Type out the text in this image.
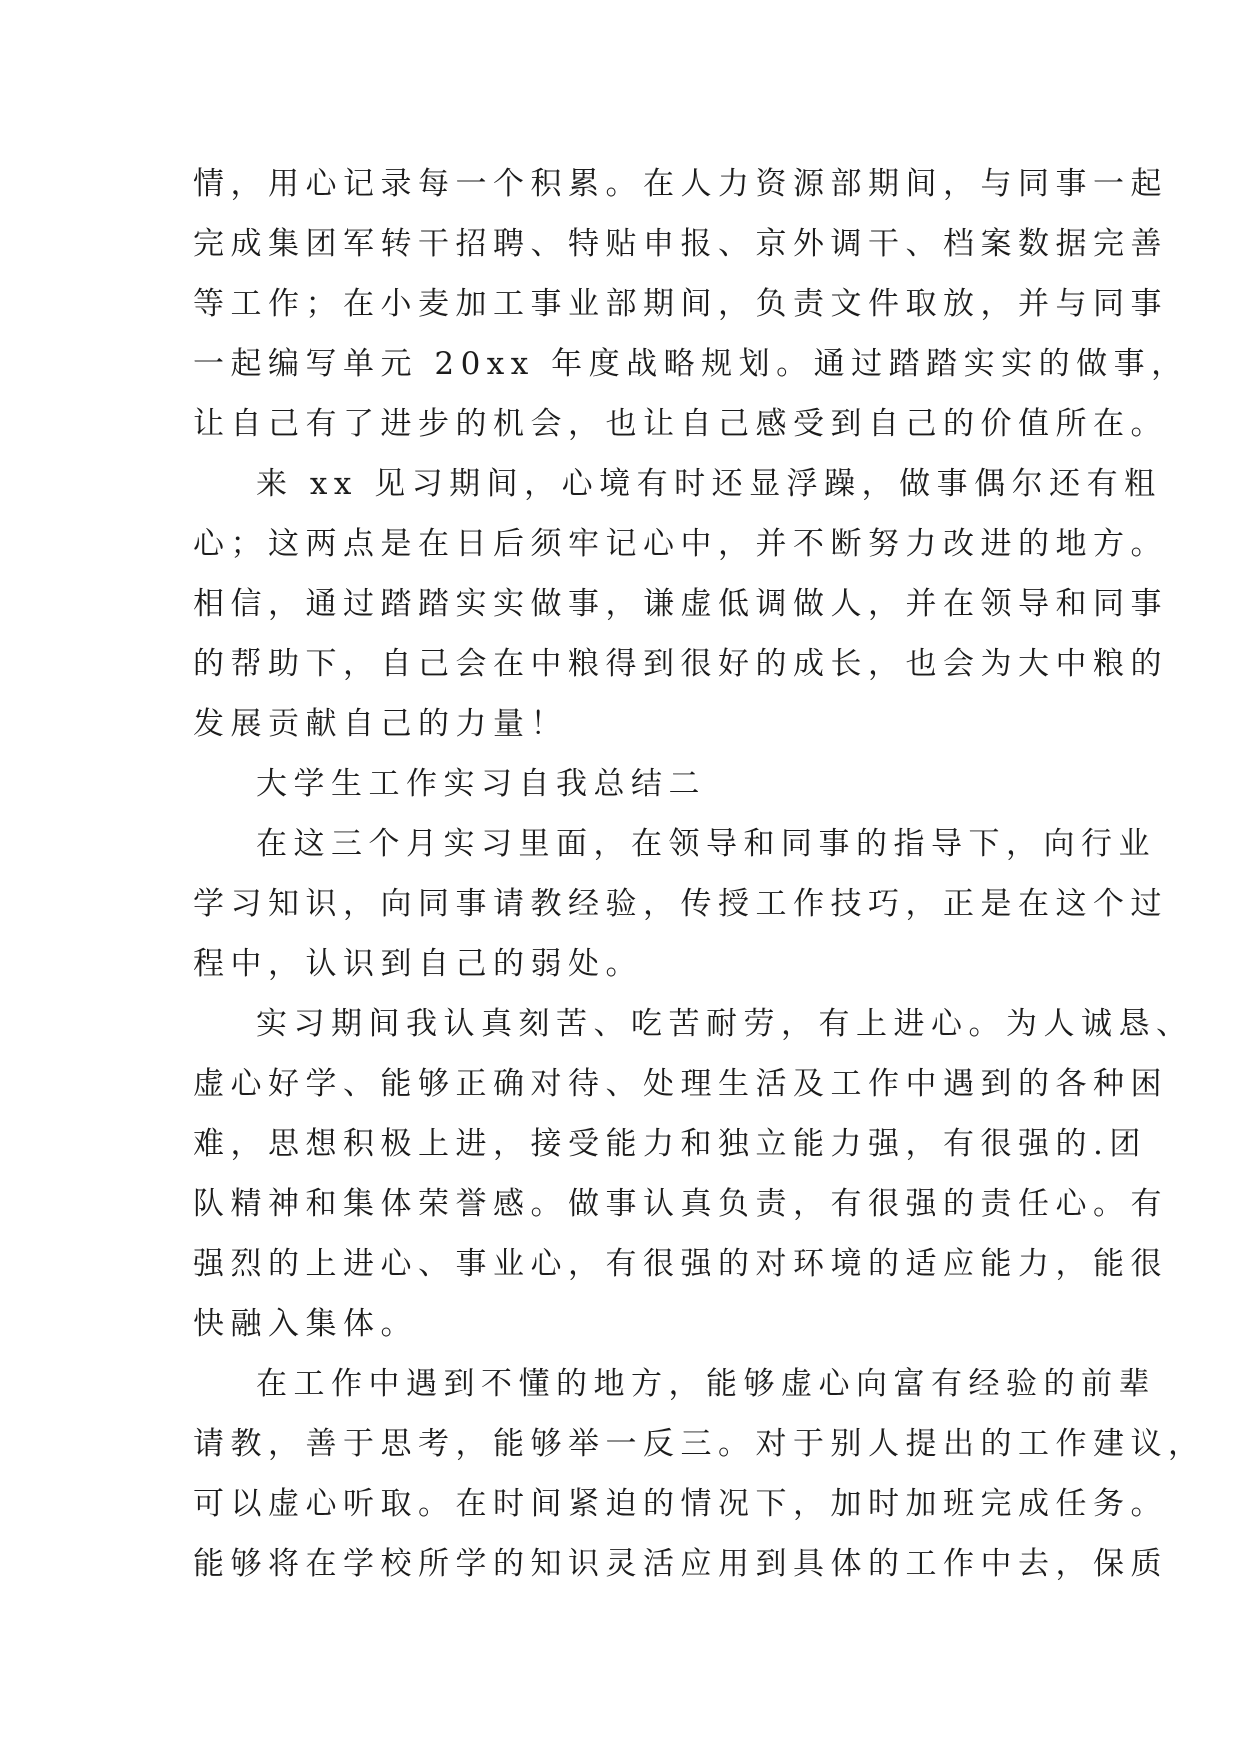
情，用心记录每一个积累。在人力资源部期间，与同事一起
完成集团军转干招聘、特贴申报、京外调干、档案数据完善
等工作；在小麦加工事业部期间，负责文件取放，并与同事
一起编写单元 20xx 年度战略规划。通过踏踏实实的做事，
让自己有了进步的机会，也让自己感受到自己的价值所在。
来 xx 见习期间，心境有时还显浮躁，做事偶尔还有粗
心；这两点是在日后须牢记心中，并不断努力改进的地方。
相信，通过踏踏实实做事，谦虚低调做人，并在领导和同事
的帮助下，自己会在中粮得到很好的成长，也会为大中粮的
发展贡献自己的力量！
大学生工作实习自我总结二
在这三个月实习里面，在领导和同事的指导下，向行业
学习知识，向同事请教经验，传授工作技巧，正是在这个过
程中，认识到自己的弱处。
实习期间我认真刻苦、吃苦耐劳，有上进心。为人诚恳、
虚心好学、能够正确对待、处理生活及工作中遇到的各种困
难，思想积极上进，接受能力和独立能力强，有很强的.团
队精神和集体荣誉感。做事认真负责，有很强的责任心。有
强烈的上进心、事业心，有很强的对环境的适应能力，能很
快融入集体。
在工作中遇到不懂的地方，能够虚心向富有经验的前辈
请教，善于思考，能够举一反三。对于别人提出的工作建议，
可以虚心听取。在时间紧迫的情况下，加时加班完成任务。
能够将在学校所学的知识灵活应用到具体的工作中去，保质
